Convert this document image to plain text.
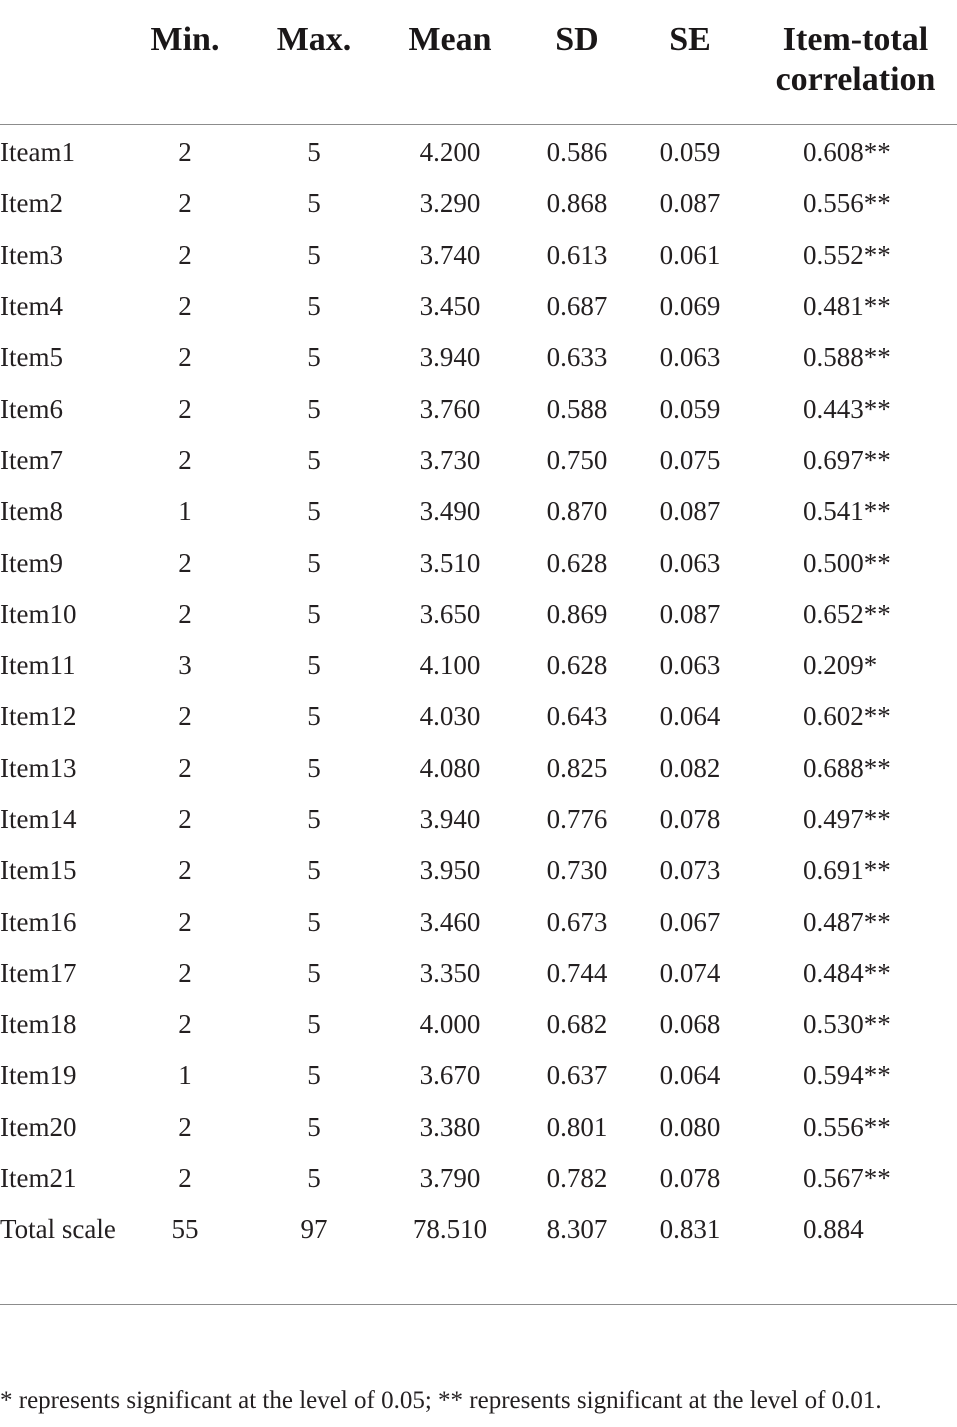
	Min.	Max.	Mean	SD	SE	Item-total correlation
Iteam1	2	5	4.200	0.586	0.059	0.608**
Item2	2	5	3.290	0.868	0.087	0.556**
Item3	2	5	3.740	0.613	0.061	0.552**
Item4	2	5	3.450	0.687	0.069	0.481**
Item5	2	5	3.940	0.633	0.063	0.588**
Item6	2	5	3.760	0.588	0.059	0.443**
Item7	2	5	3.730	0.750	0.075	0.697**
Item8	1	5	3.490	0.870	0.087	0.541**
Item9	2	5	3.510	0.628	0.063	0.500**
Item10	2	5	3.650	0.869	0.087	0.652**
Item11	3	5	4.100	0.628	0.063	0.209*
Item12	2	5	4.030	0.643	0.064	0.602**
Item13	2	5	4.080	0.825	0.082	0.688**
Item14	2	5	3.940	0.776	0.078	0.497**
Item15	2	5	3.950	0.730	0.073	0.691**
Item16	2	5	3.460	0.673	0.067	0.487**
Item17	2	5	3.350	0.744	0.074	0.484**
Item18	2	5	4.000	0.682	0.068	0.530**
Item19	1	5	3.670	0.637	0.064	0.594**
Item20	2	5	3.380	0.801	0.080	0.556**
Item21	2	5	3.790	0.782	0.078	0.567**
Total scale	55	97	78.510	8.307	0.831	0.884
* represents significant at the level of 0.05; ** represents significant at the level of 0.01.
